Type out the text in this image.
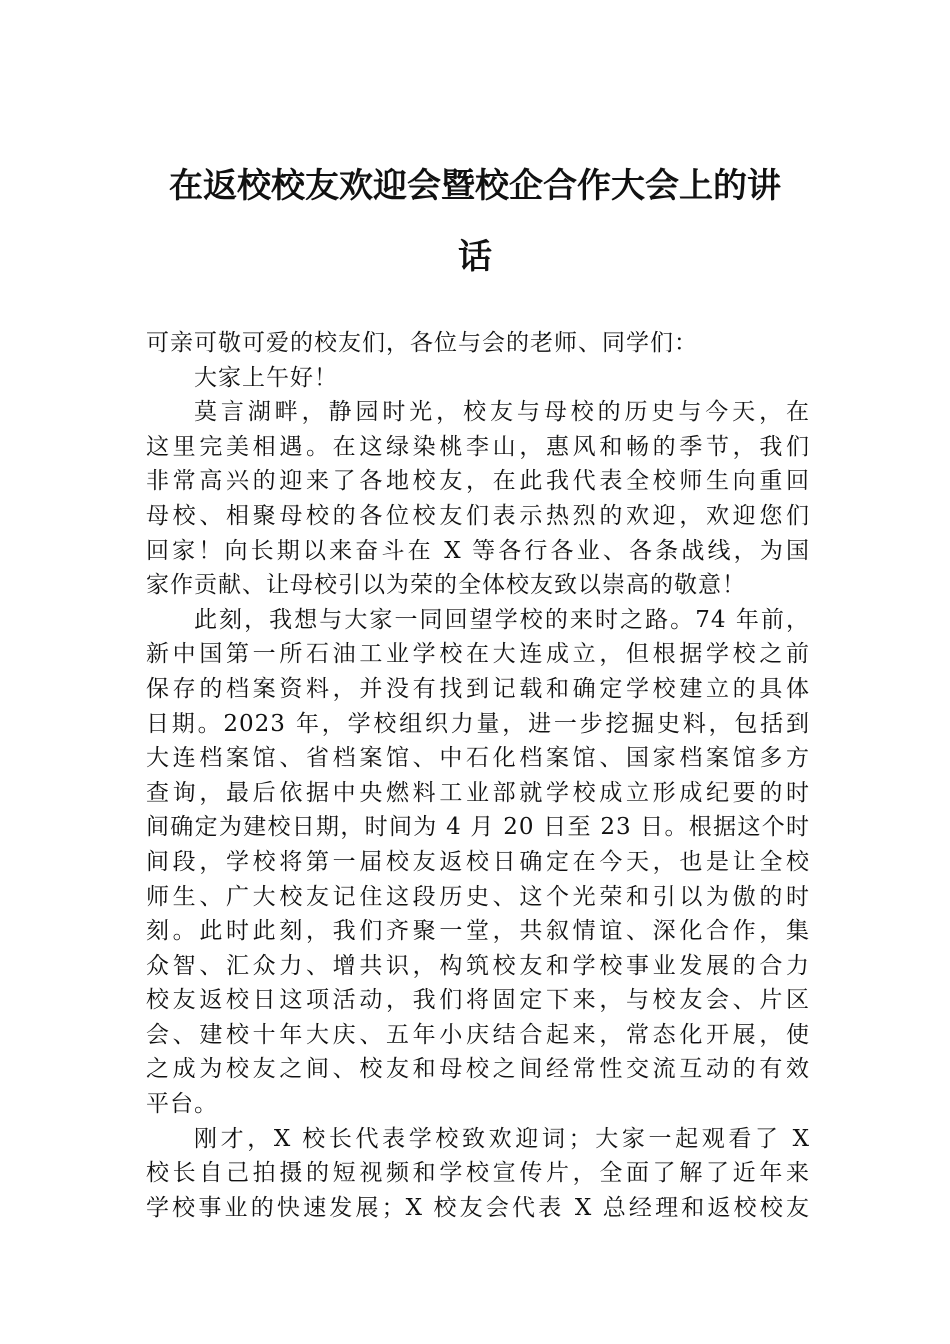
在返校校友欢迎会暨校企合作大会上的讲
话
可亲可敬可爱的校友们，各位与会的老师、同学们：
大家上午好！
莫言湖畔，静园时光，校友与母校的历史与今天，在
这里完美相遇。在这绿染桃李山，惠风和畅的季节，我们
非常高兴的迎来了各地校友，在此我代表全校师生向重回
母校、相聚母校的各位校友们表示热烈的欢迎，欢迎您们
回家！向长期以来奋斗在 X 等各行各业、各条战线，为国
家作贡献、让母校引以为荣的全体校友致以崇高的敬意！
此刻，我想与大家一同回望学校的来时之路。74 年前，
新中国第一所石油工业学校在大连成立，但根据学校之前
保存的档案资料，并没有找到记载和确定学校建立的具体
日期。2023 年，学校组织力量，进一步挖掘史料，包括到
大连档案馆、省档案馆、中石化档案馆、国家档案馆多方
查询，最后依据中央燃料工业部就学校成立形成纪要的时
间确定为建校日期，时间为 4 月 20 日至 23 日。根据这个时
间段，学校将第一届校友返校日确定在今天，也是让全校
师生、广大校友记住这段历史、这个光荣和引以为傲的时
刻。此时此刻，我们齐聚一堂，共叙情谊、深化合作，集
众智、汇众力、增共识，构筑校友和学校事业发展的合力
校友返校日这项活动，我们将固定下来，与校友会、片区
会、建校十年大庆、五年小庆结合起来，常态化开展，使
之成为校友之间、校友和母校之间经常性交流互动的有效
平台。
刚才，X 校长代表学校致欢迎词；大家一起观看了 X
校长自己拍摄的短视频和学校宣传片，全面了解了近年来
学校事业的快速发展；X 校友会代表 X 总经理和返校校友
